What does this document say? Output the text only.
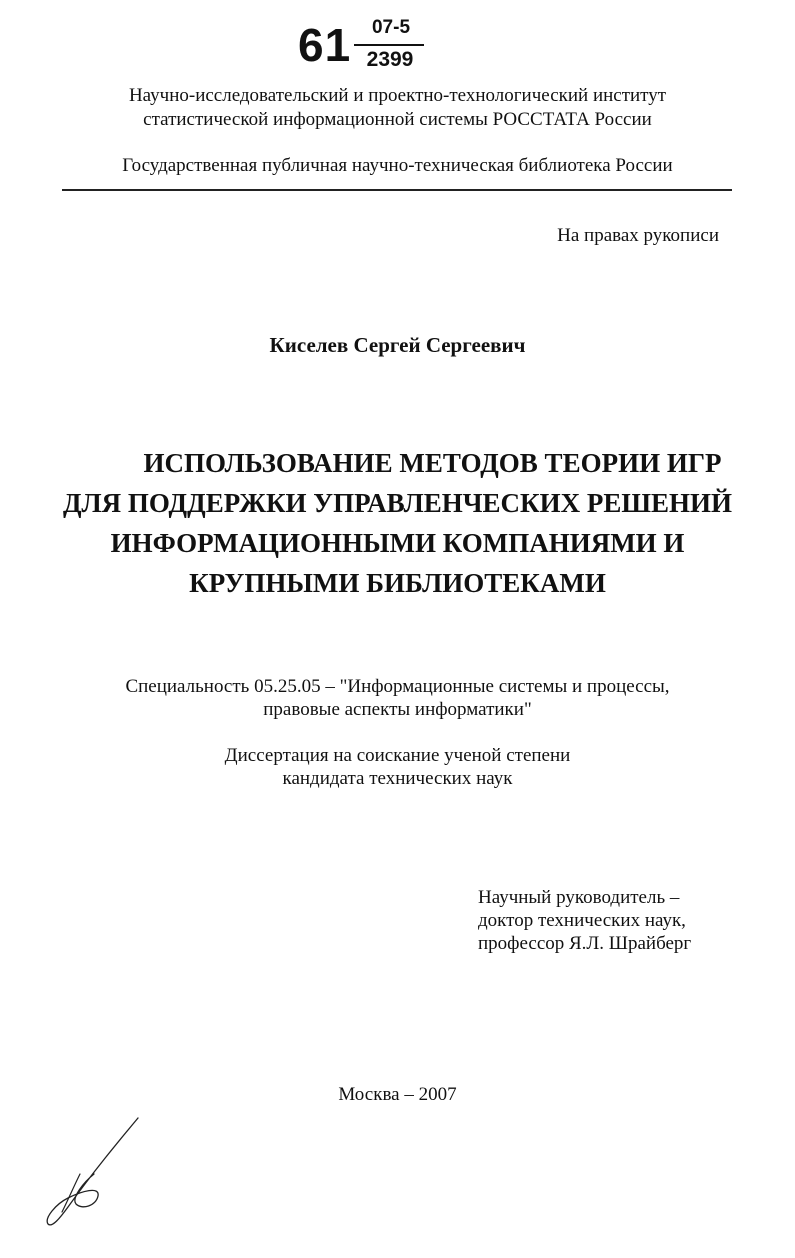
61	07-5
2399
Научно-исследовательский и проектно-технологический институт
статистической информационной системы РОССТАТА России
Государственная публичная научно-техническая библиотека России
На правах рукописи
Киселев Сергей Сергеевич
ИСПОЛЬЗОВАНИЕ МЕТОДОВ ТЕОРИИ ИГР
ДЛЯ ПОДДЕРЖКИ УПРАВЛЕНЧЕСКИХ РЕШЕНИЙ
ИНФОРМАЦИОННЫМИ КОМПАНИЯМИ И
КРУПНЫМИ БИБЛИОТЕКАМИ
Специальность 05.25.05 – "Информационные системы и процессы,
правовые аспекты информатики"
Диссертация на соискание ученой степени
кандидата технических наук
Научный руководитель –
доктор технических наук,
профессор Я.Л. Шрайберг
Москва – 2007
